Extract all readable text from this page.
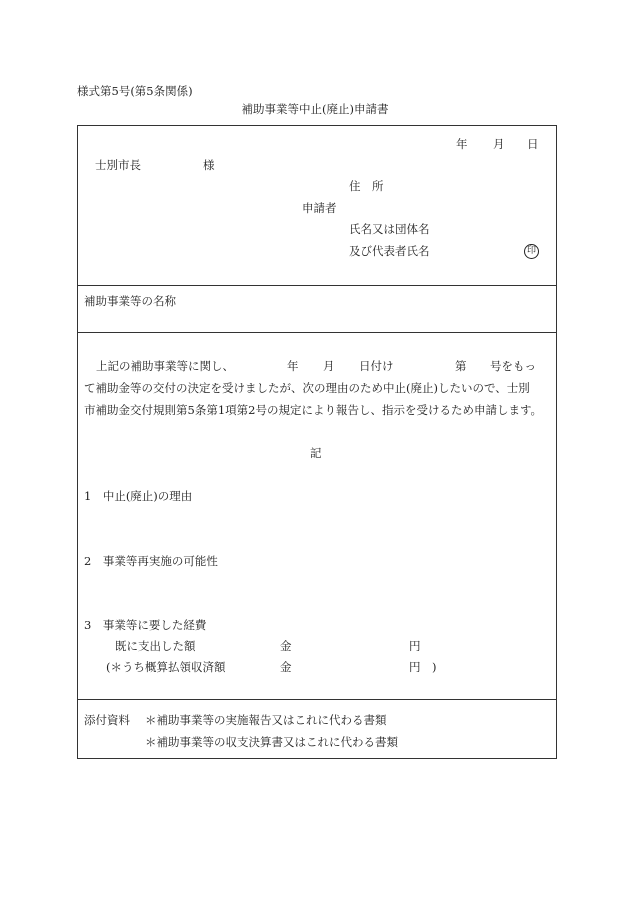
様式第5号(第5条関係)
補助事業等中止(廃止)申請書
年 月 日
士別市長	様
住　所
申請者
氏名又は団体名
及び代表者氏名	印
補助事業等の名称
上記の補助事業等に関し、	年 月 日付け	第 号をもっ
て補助金等の交付の決定を受けましたが、次の理由のため中止(廃止)したいので、士別
市補助金交付規則第5条第1項第2号の規定により報告し、指示を受けるため申請します。
記
1　中止(廃止)の理由
2　事業等再実施の可能性
3　事業等に要した経費
既に支出した額	金	円
(＊うち概算払領収済額	金	円　)
添付資料 ＊補助事業等の実施報告又はこれに代わる書類
＊補助事業等の収支決算書又はこれに代わる書類
